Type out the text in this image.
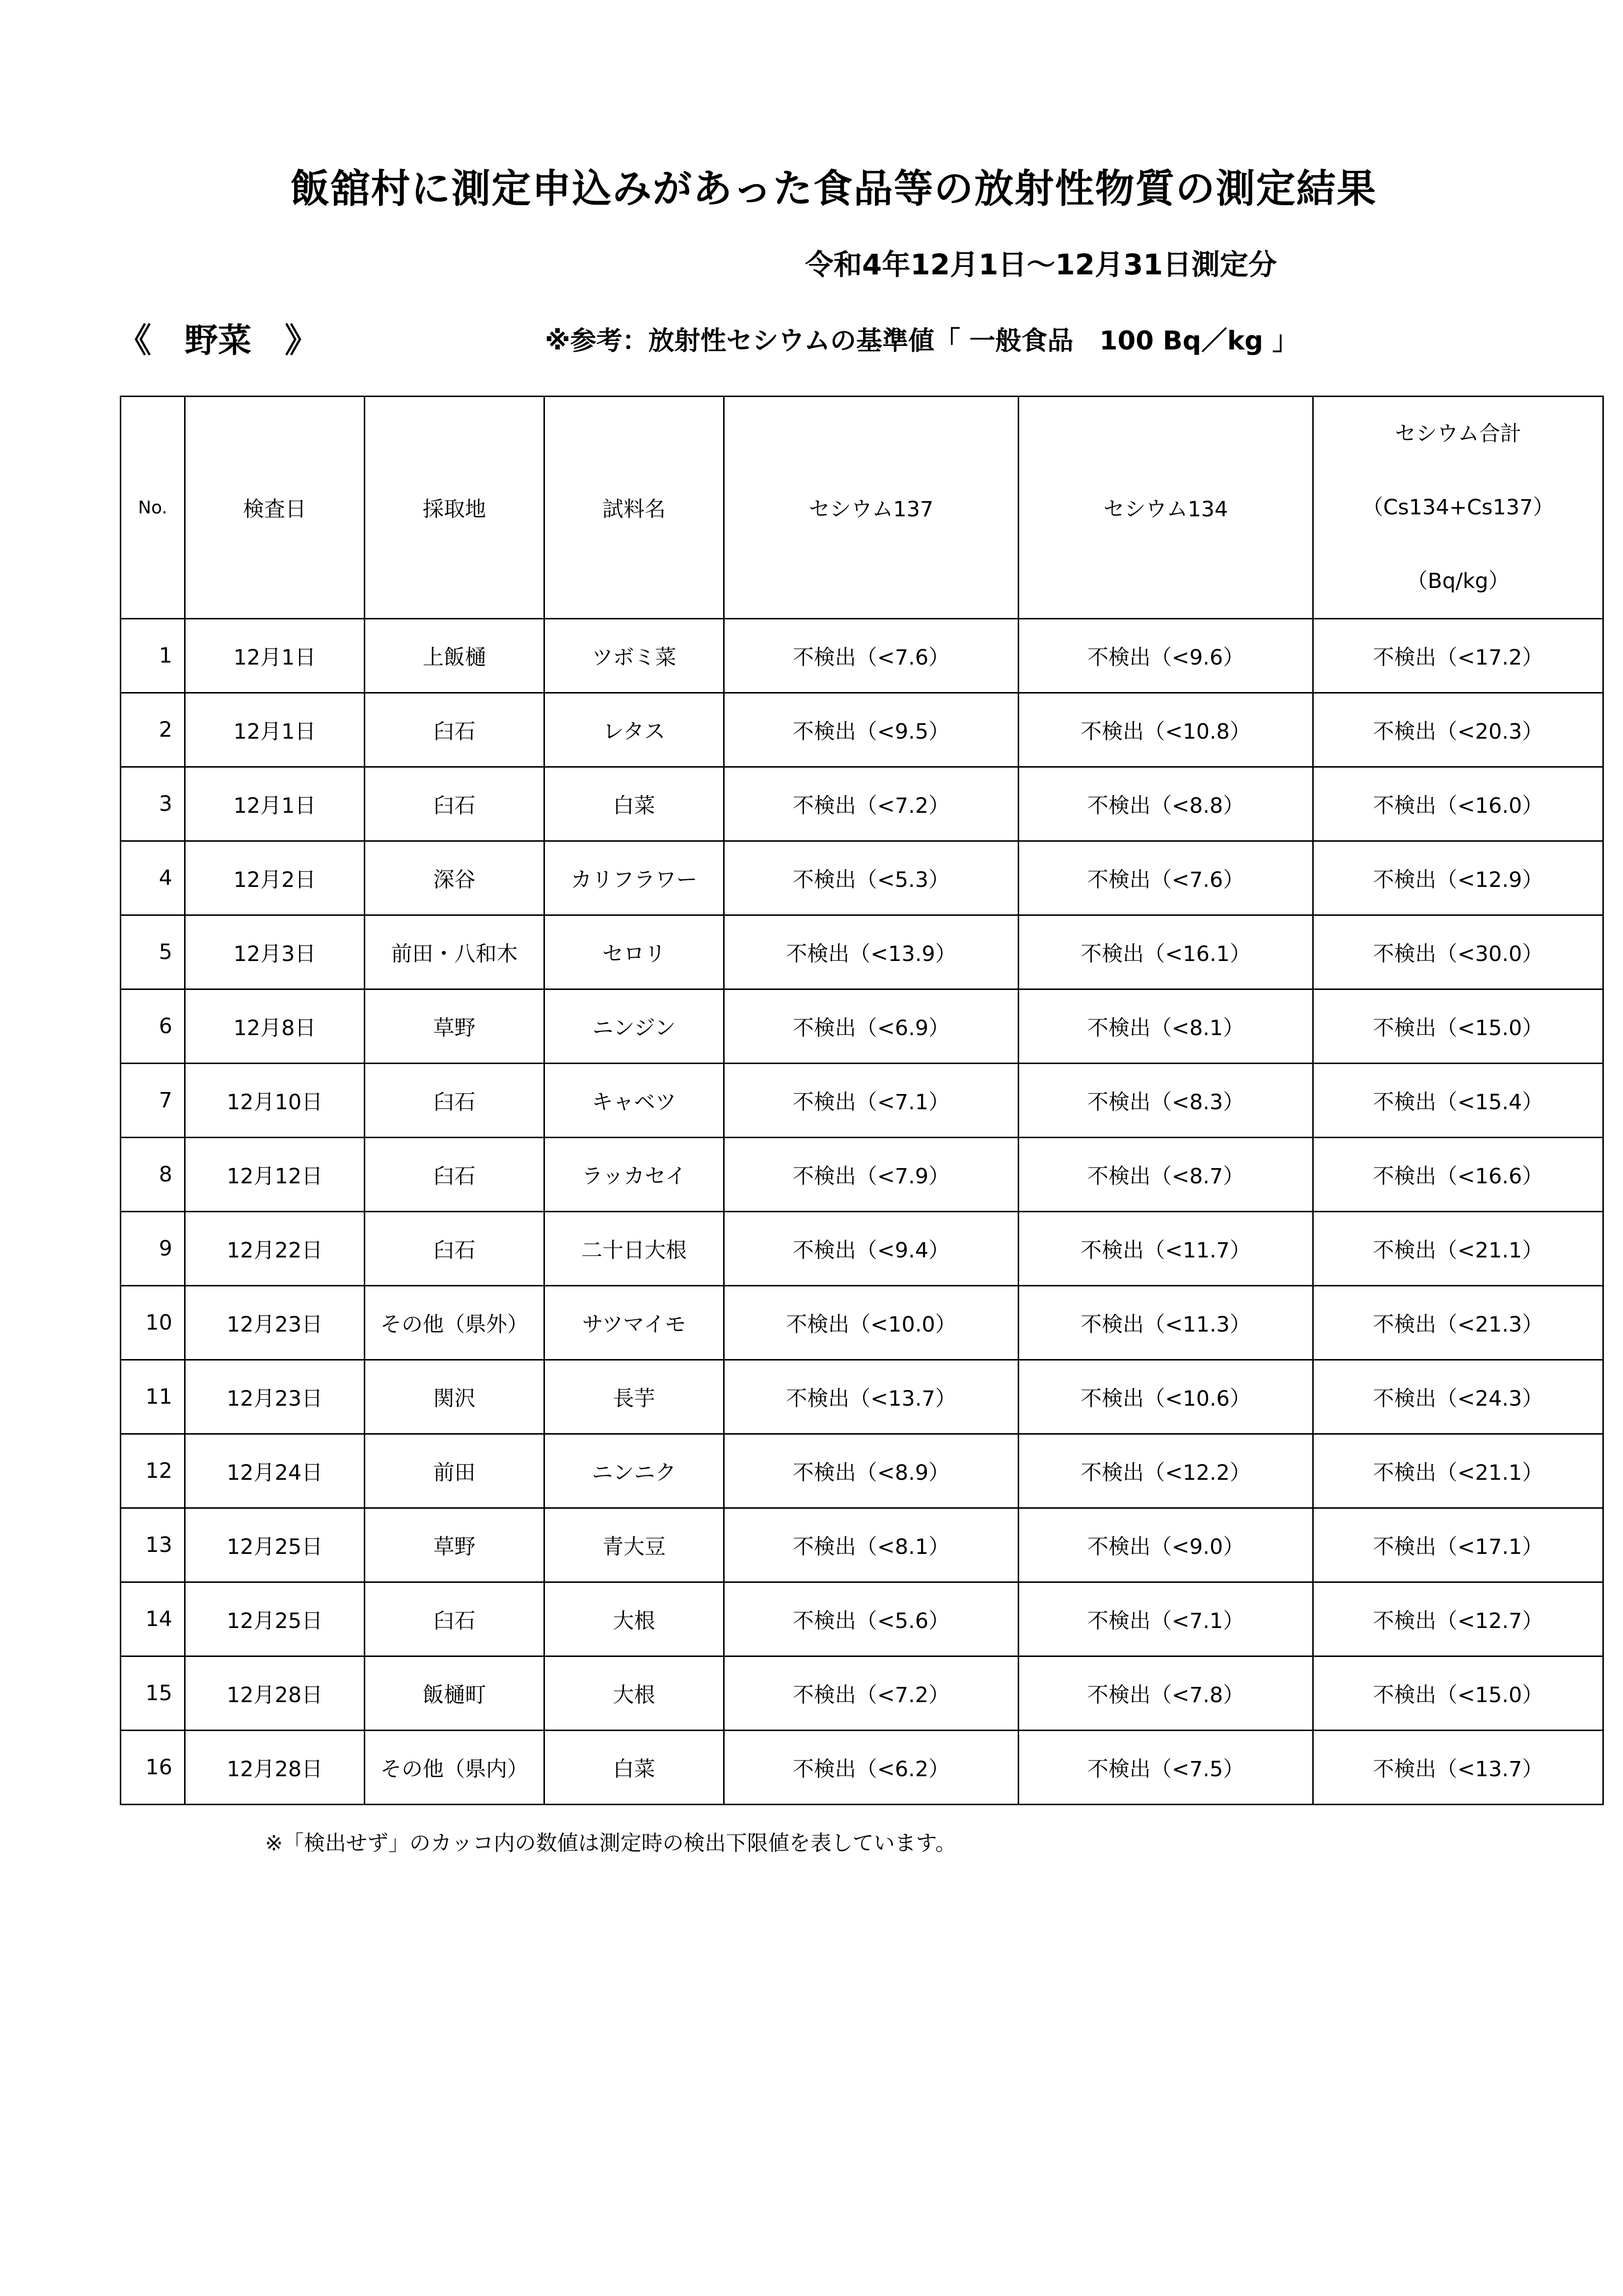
飯舘村に測定申込みがあった食品等の放射性物質の測定結果
令和4年12月1日～12月31日測定分
《　野菜　》	※参考：放射性セシウムの基準値「 一般食品　100 Bq／kg 」
No.	検査日	採取地	試料名	セシウム137	セシウム134	セシウム合計
（Cs134+Cs137）
（Bq/kg）

1	12月1日	上飯樋	ツボミ菜	不検出（<7.6）	不検出（<9.6）	不検出（<17.2）
2	12月1日	臼石	レタス	不検出（<9.5）	不検出（<10.8）	不検出（<20.3）
3	12月1日	臼石	白菜	不検出（<7.2）	不検出（<8.8）	不検出（<16.0）
4	12月2日	深谷	カリフラワー	不検出（<5.3）	不検出（<7.6）	不検出（<12.9）
5	12月3日	前田・八和木	セロリ	不検出（<13.9）	不検出（<16.1）	不検出（<30.0）
6	12月8日	草野	ニンジン	不検出（<6.9）	不検出（<8.1）	不検出（<15.0）
7	12月10日	臼石	キャベツ	不検出（<7.1）	不検出（<8.3）	不検出（<15.4）
8	12月12日	臼石	ラッカセイ	不検出（<7.9）	不検出（<8.7）	不検出（<16.6）
9	12月22日	臼石	二十日大根	不検出（<9.4）	不検出（<11.7）	不検出（<21.1）
10	12月23日	その他（県外）	サツマイモ	不検出（<10.0）	不検出（<11.3）	不検出（<21.3）
11	12月23日	関沢	長芋	不検出（<13.7）	不検出（<10.6）	不検出（<24.3）
12	12月24日	前田	ニンニク	不検出（<8.9）	不検出（<12.2）	不検出（<21.1）
13	12月25日	草野	青大豆	不検出（<8.1）	不検出（<9.0）	不検出（<17.1）
14	12月25日	臼石	大根	不検出（<5.6）	不検出（<7.1）	不検出（<12.7）
15	12月28日	飯樋町	大根	不検出（<7.2）	不検出（<7.8）	不検出（<15.0）
16	12月28日	その他（県内）	白菜	不検出（<6.2）	不検出（<7.5）	不検出（<13.7）
※「検出せず」のカッコ内の数値は測定時の検出下限値を表しています。
